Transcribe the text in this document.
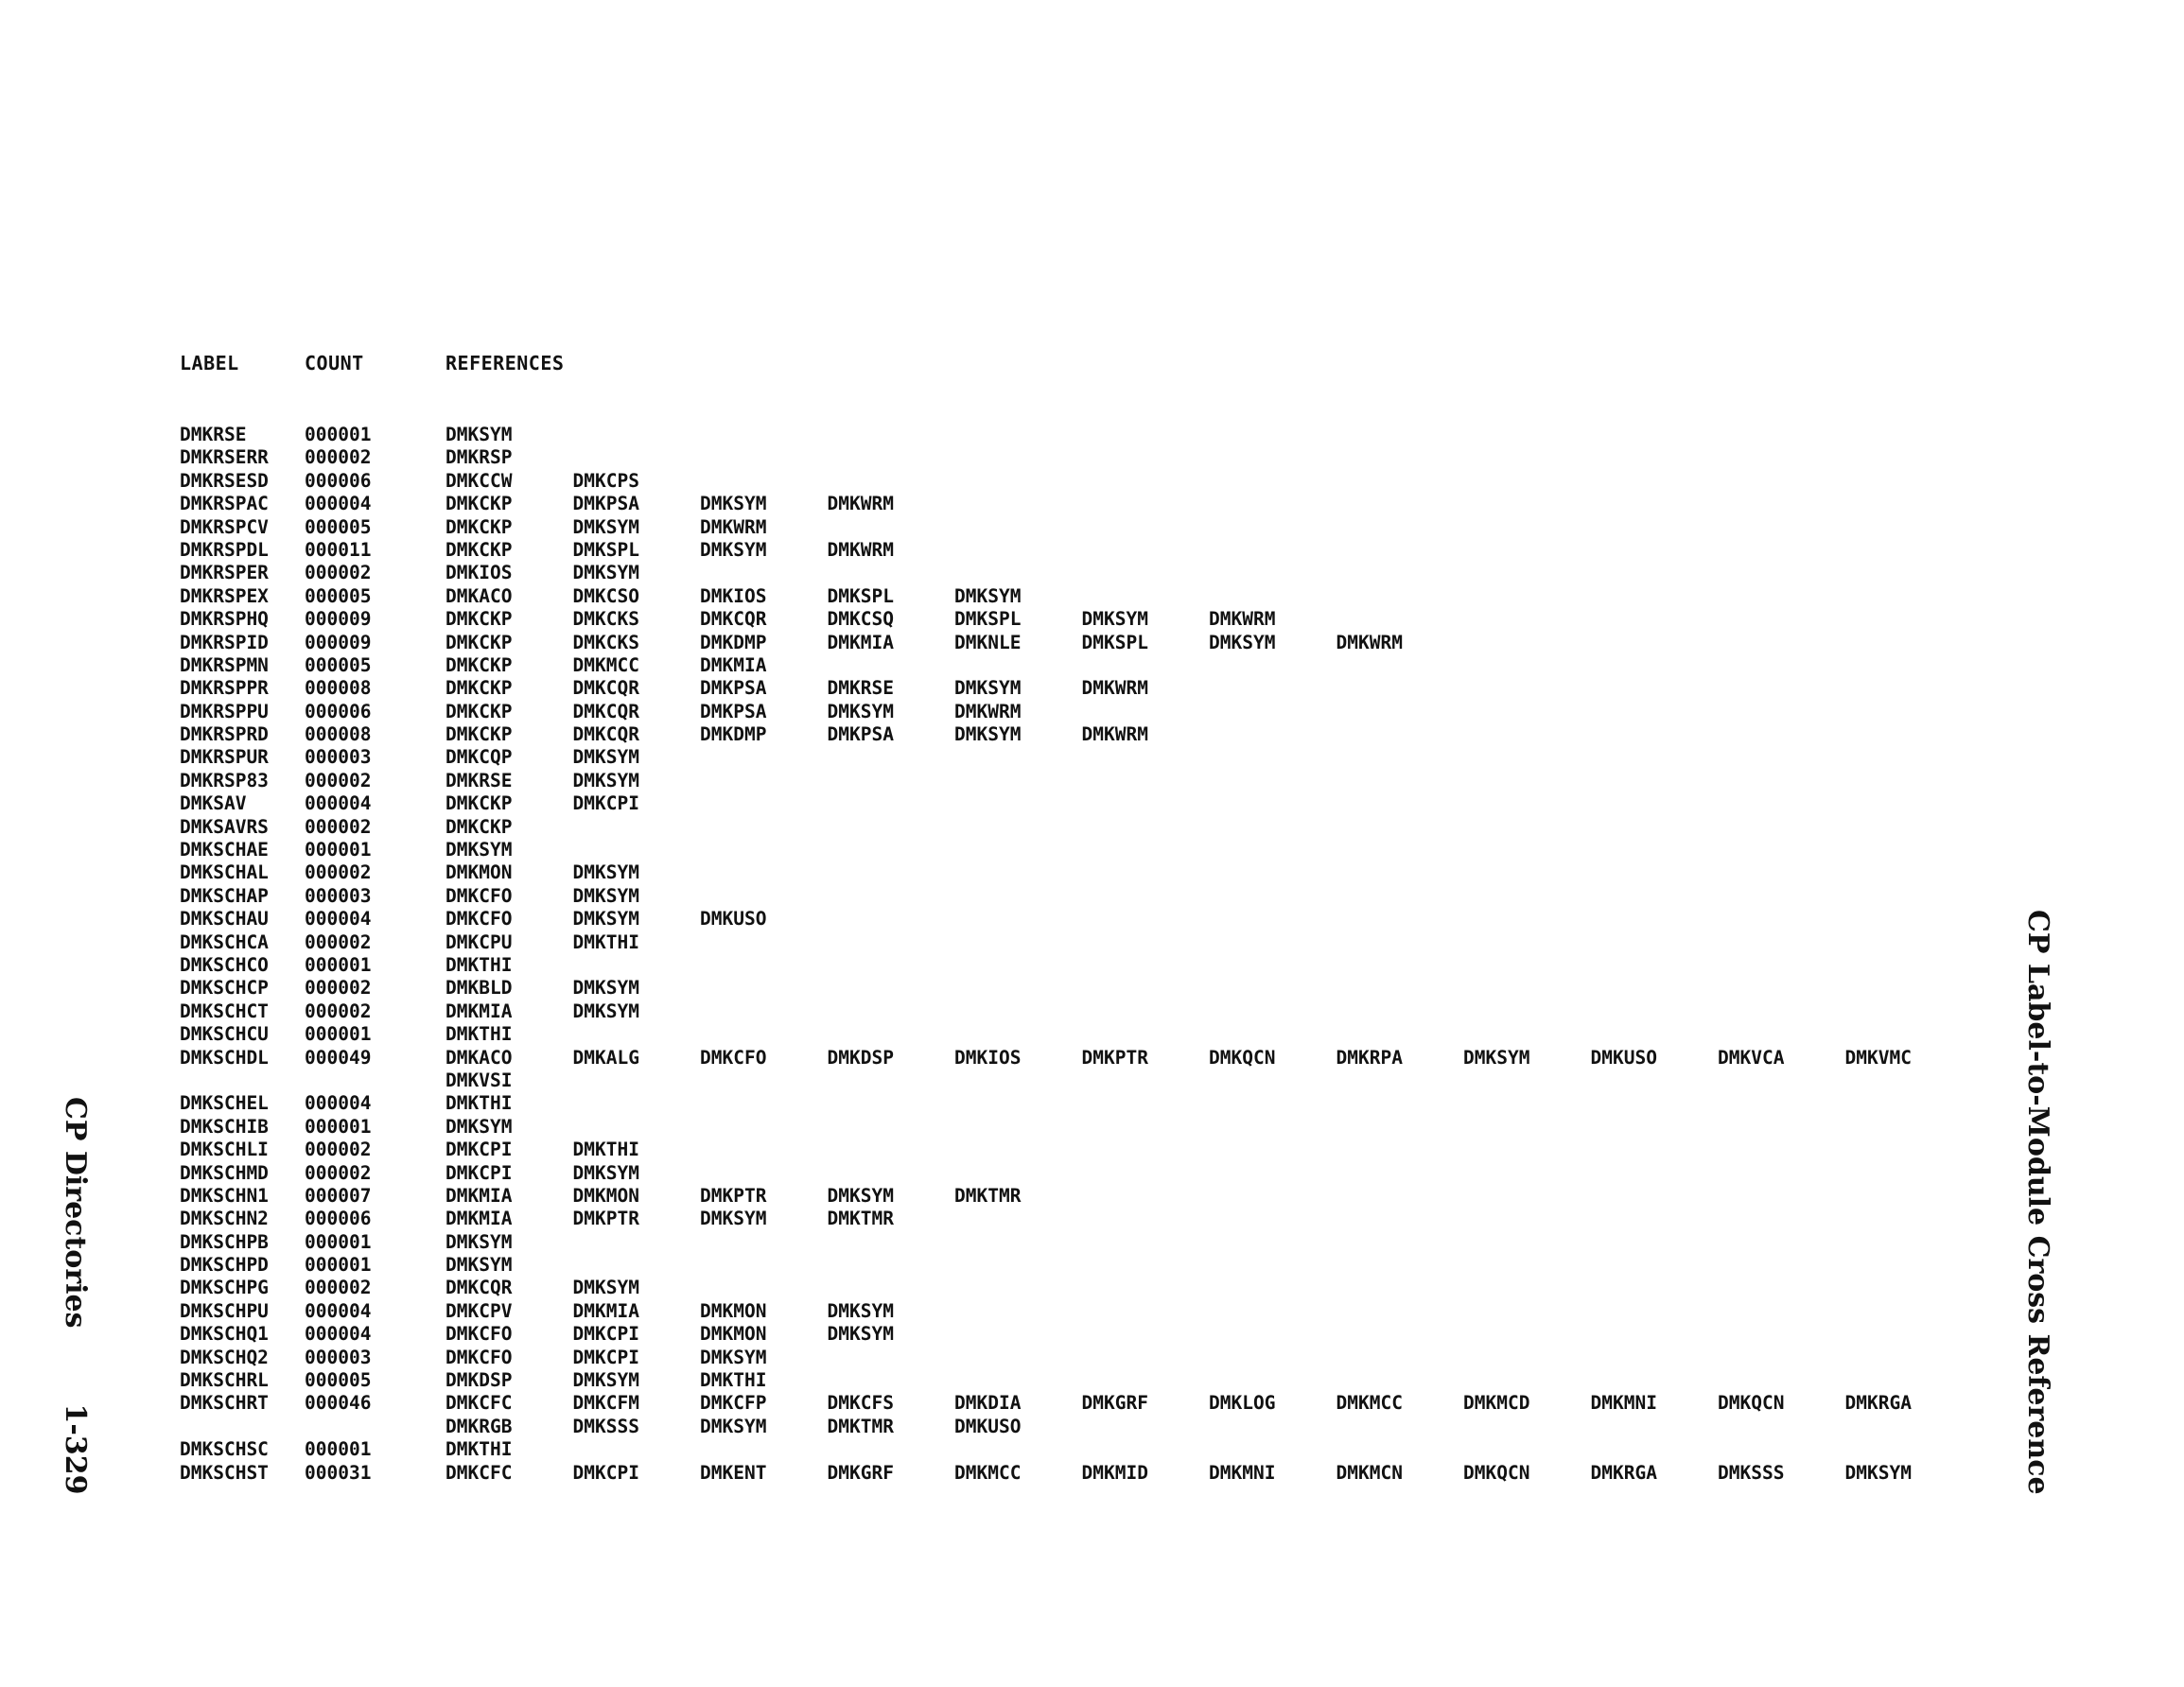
LABEL	COUNT	REFERENCES
DMKRSE	000001	DMKSYM
DMKRSERR 000002	DMKRSP
DMKRSESD 000006	DMKCCW	DMKCPS
DMKRSPAC 000004	DMKCKP	DMKPSA	DMKSYM	DMKWRM
DMKRSPCV 000005	DMKCKP	DMKSYM	DMKWRM
DMKRSPDL 000011	DMKCKP	DMKSPL	DMKSYM	DMKWRM
DMKRSPER 000002	DMKIOS	DMKSYM
DMKRSPEX 000005	DMKACO	DMKCSO	DMKIOS	DMKSPL	DMKSYM
DMKRSPHQ 000009	DMKCKP	DMKCKS	DMKCQR	DMKCSQ	DMKSPL	DMKSYM	DMKWRM
DMKRSPID 000009	DMKCKP	DMKCKS	DMKDMP	DMKMIA	DMKNLE	DMKSPL	DMKSYM	DMKWRM
DMKRSPMN 000005	DMKCKP	DMKMCC	DMKMIA
DMKRSPPR 000008	DMKCKP	DMKCQR	DMKPSA	DMKRSE	DMKSYM	DMKWRM
DMKRSPPU 000006	DMKCKP	DMKCQR	DMKPSA	DMKSYM	DMKWRM
DMKRSPRD 000008	DMKCKP	DMKCQR	DMKDMP	DMKPSA	DMKSYM	DMKWRM
DMKRSPUR 000003	DMKCQP	DMKSYM
DMKRSP83 000002	DMKRSE	DMKSYM
DMKSAV	000004	DMKCKP	DMKCPI
DMKSAVRS 000002	DMKCKP
DMKSCHAE 000001	DMKSYM
DMKSCHAL 000002	DMKMON	DMKSYM
DMKSCHAP 000003	DMKCFO	DMKSYM
DMKSCHAU 000004	DMKCFO	DMKSYM	DMKUSO
DMKSCHCA 000002	DMKCPU	DMKTHI
DMKSCHCO 000001	DMKTHI
DMKSCHCP 000002	DMKBLD	DMKSYM
DMKSCHCT 000002	DMKMIA	DMKSYM
DMKSCHCU 000001	DMKTHI
DMKSCHDL 000049	DMKACO	DMKALG	DMKCFO	DMKDSP	DMKIOS	DMKPTR	DMKQCN	DMKRPA	DMKSYM	DMKUSO	DMKVCA	DMKVMC
DMKVSI
DMKSCHEL 000004	DMKTHI
DMKSCHIB 000001	DMKSYM
DMKSCHLI 000002	DMKCPI	DMKTHI
DMKSCHMD 000002	DMKCPI	DMKSYM
DMKSCHN1 000007	DMKMIA	DMKMON	DMKPTR	DMKSYM	DMKTMR
DMKSCHN2 000006	DMKMIA	DMKPTR	DMKSYM	DMKTMR
DMKSCHPB 000001	DMKSYM
DMKSCHPD 000001	DMKSYM
DMKSCHPG 000002	DMKCQR	DMKSYM
DMKSCHPU 000004	DMKCPV	DMKMIA	DMKMON	DMKSYM
DMKSCHQ1 000004	DMKCFO	DMKCPI	DMKMON	DMKSYM
DMKSCHQ2 000003	DMKCFO	DMKCPI	DMKSYM
DMKSCHRL 000005	DMKDSP	DMKSYM	DMKTHI
DMKSCHRT 000046	DMKCFC	DMKCFM	DMKCFP	DMKCFS	DMKDIA	DMKGRF	DMKLOG	DMKMCC	DMKMCD	DMKMNI	DMKQCN	DMKRGA
DMKRGB	DMKSSS	DMKSYM	DMKTMR	DMKUSO
DMKSCHSC 000001	DMKTHI
DMKSCHST 000031	DMKCFC	DMKCPI	DMKENT	DMKGRF	DMKMCC	DMKMID	DMKMNI	DMKMCN	DMKQCN	DMKRGA	DMKSSS	DMKSYM
CP Directories1-329	CP Label-to-Module Cross Reference
